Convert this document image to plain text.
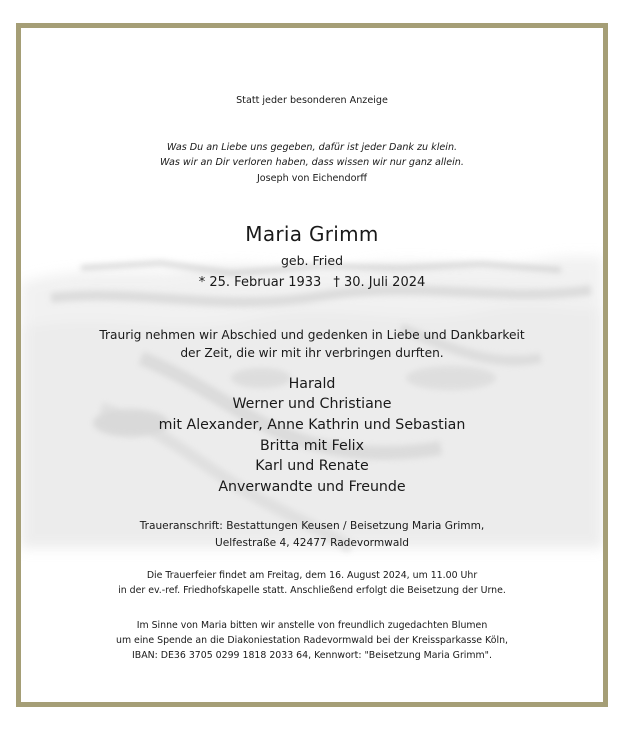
Statt jeder besonderen Anzeige
Was Du an Liebe uns gegeben, dafür ist jeder Dank zu klein.
Was wir an Dir verloren haben, dass wissen wir nur ganz allein.
Joseph von Eichendorff
Maria Grimm
geb. Fried
* 25. Februar 1933 † 30. Juli 2024
Traurig nehmen wir Abschied und gedenken in Liebe und Dankbarkeit
der Zeit, die wir mit ihr verbringen durften.
Harald
Werner und Christiane
mit Alexander, Anne Kathrin und Sebastian
Britta mit Felix
Karl und Renate
Anverwandte und Freunde
Traueranschrift: Bestattungen Keusen / Beisetzung Maria Grimm,
Uelfestraße 4, 42477 Radevormwald
Die Trauerfeier findet am Freitag, dem 16. August 2024, um 11.00 Uhr
in der ev.-ref. Friedhofskapelle statt. Anschließend erfolgt die Beisetzung der Urne.
Im Sinne von Maria bitten wir anstelle von freundlich zugedachten Blumen
um eine Spende an die Diakoniestation Radevormwald bei der Kreissparkasse Köln,
IBAN: DE36 3705 0299 1818 2033 64, Kennwort: "Beisetzung Maria Grimm".
